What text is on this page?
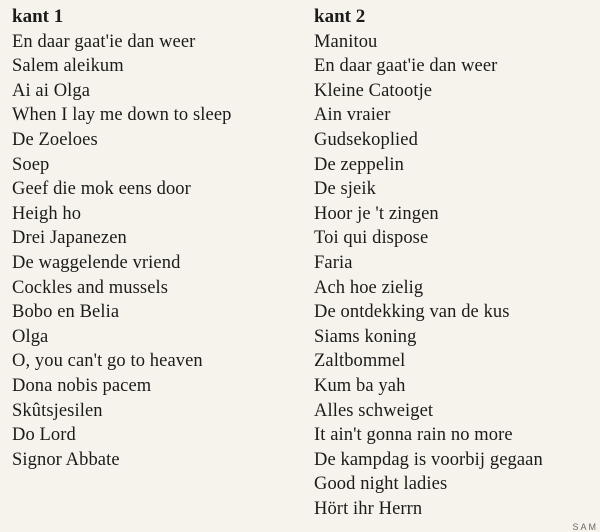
kant 1
En daar gaat'ie dan weer
Salem aleikum
Ai ai Olga
When I lay me down to sleep
De Zoeloes
Soep
Geef die mok eens door
Heigh ho
Drei Japanezen
De waggelende vriend
Cockles and mussels
Bobo en Belia
Olga
O, you can't go to heaven
Dona nobis pacem
Skûtsjesilen
Do Lord
Signor Abbate
kant 2
Manitou
En daar gaat'ie dan weer
Kleine Catootje
Ain vraier
Gudsekoplied
De zeppelin
De sjeik
Hoor je 't zingen
Toi qui dispose
Faria
Ach hoe zielig
De ontdekking van de kus
Siams koning
Zaltbommel
Kum ba yah
Alles schweiget
It ain't gonna rain no more
De kampdag is voorbij gegaan
Good night ladies
Hört ihr Herrn
SAM
